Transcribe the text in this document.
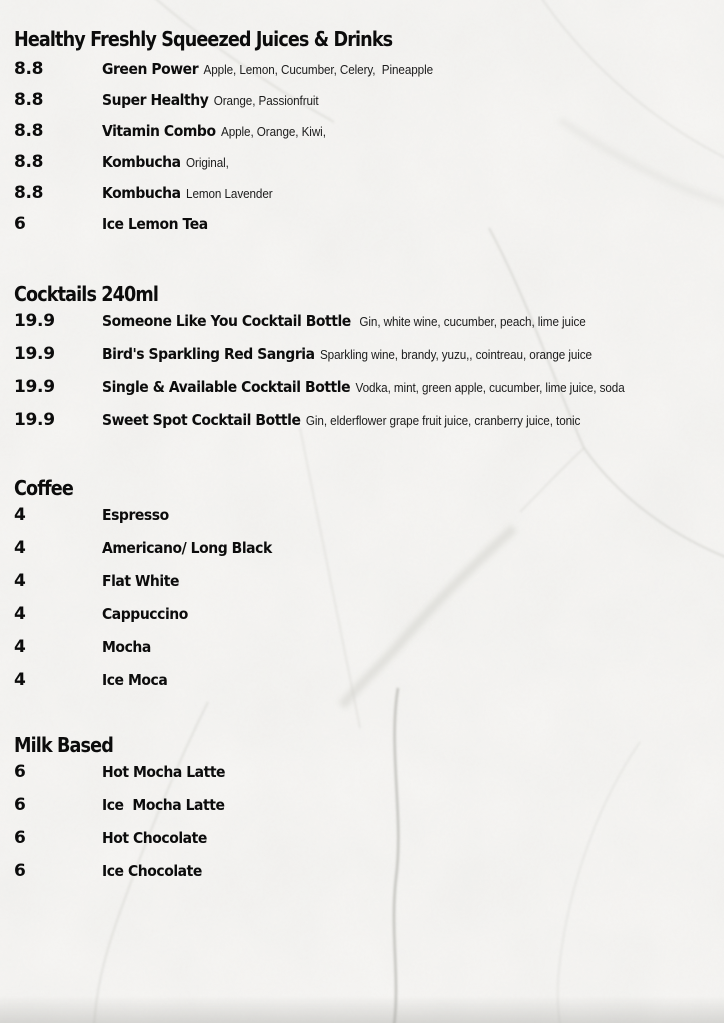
Healthy Freshly Squeezed Juices & Drinks
8.8	Green Power Apple, Lemon, Cucumber, Celery,  Pineapple
8.8	Super Healthy Orange, Passionfruit
8.8	Vitamin Combo Apple, Orange, Kiwi,
8.8	Kombucha Original,
8.8	Kombucha Lemon Lavender
6	Ice Lemon Tea
Cocktails 240ml
19.9	Someone Like You Cocktail Bottle Gin, white wine, cucumber, peach, lime juice
19.9	Bird's Sparkling Red Sangria Sparkling wine, brandy, yuzu,, cointreau, orange juice
19.9	Single & Available Cocktail Bottle Vodka, mint, green apple, cucumber, lime juice, soda
19.9	Sweet Spot Cocktail Bottle Gin, elderflower grape fruit juice, cranberry juice, tonic
Coffee
4	Espresso
4	Americano/ Long Black
4	Flat White
4	Cappuccino
4	Mocha
4	Ice Moca
Milk Based
6	Hot Mocha Latte
6	Ice  Mocha Latte
6	Hot Chocolate
6	Ice Chocolate
